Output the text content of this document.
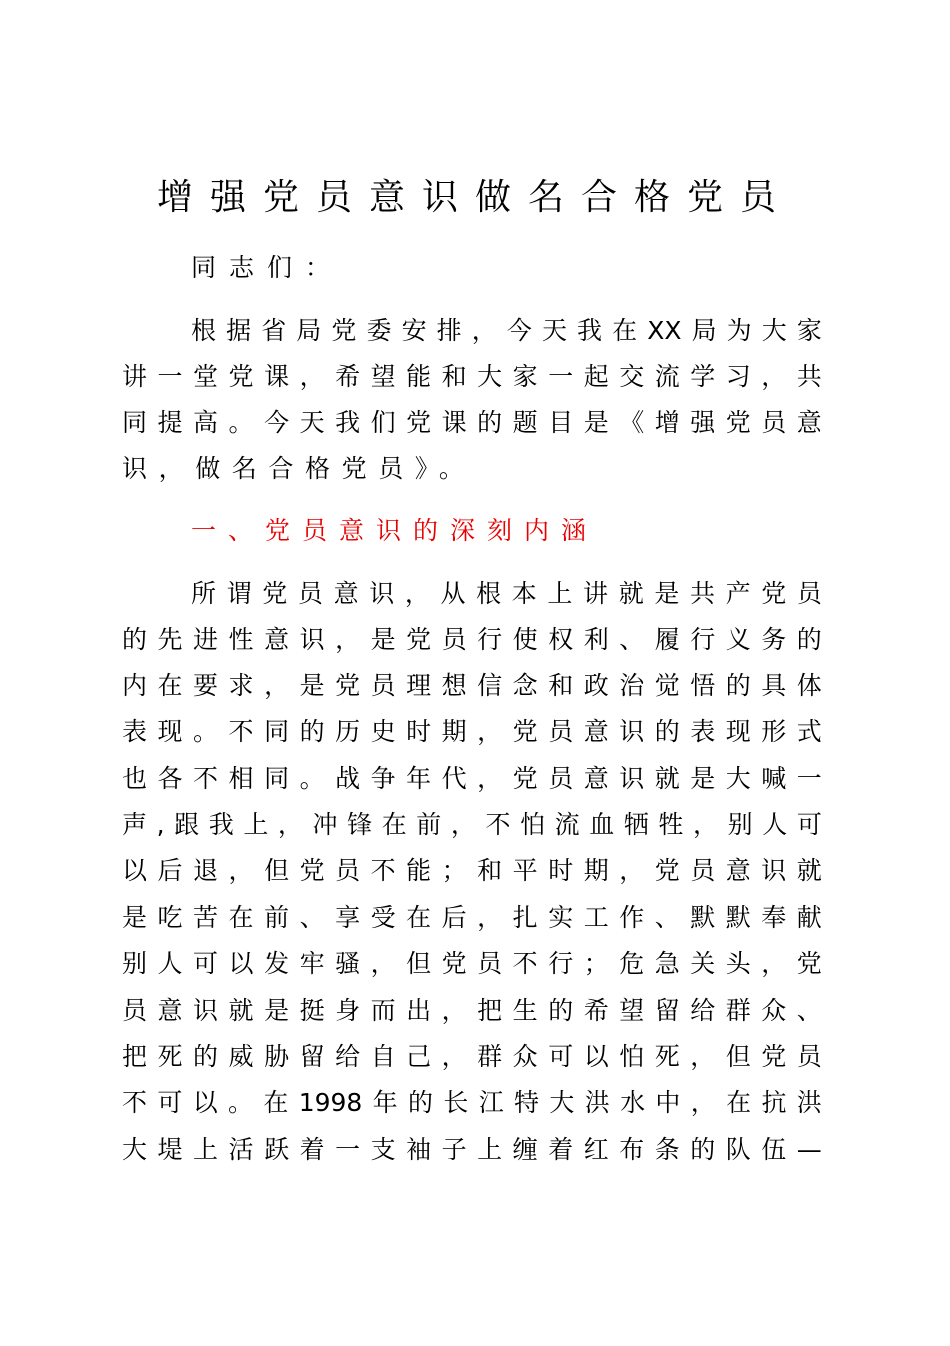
增强党员意识做名合格党员
同志们：
根 据 省 局 党 委 安 排 ， 今 天 我 在 XX 局 为 大 家
讲 一 堂 党 课 ， 希 望 能 和 大 家 一 起 交 流 学 习 ， 共
同 提 高 。 今 天 我 们 党 课 的 题 目 是 《 增 强 党 员 意
识，做名合格党员》。
一、党员意识的深刻内涵
所 谓 党 员 意 识 ， 从 根 本 上 讲 就 是 共 产 党 员
的 先 进 性 意 识 ， 是 党 员 行 使 权 利 、 履 行 义 务 的
内 在 要 求 ， 是 党 员 理 想 信 念 和 政 治 觉 悟 的 具 体
表 现 。 不 同 的 历 史 时 期 ， 党 员 意 识 的 表 现 形 式
也 各 不 相 同 。 战 争 年 代 ， 党 员 意 识 就 是 大 喊 一
声 , 跟 我 上 ， 冲 锋 在 前 ， 不 怕 流 血 牺 牲 ， 别 人 可
以 后 退 ， 但 党 员 不 能 ； 和 平 时 期 ， 党 员 意 识 就
是 吃 苦 在 前 、 享 受 在 后 ， 扎 实 工 作 、 默 默 奉 献
别 人 可 以 发 牢 骚 ， 但 党 员 不 行 ； 危 急 关 头 ， 党
员 意 识 就 是 挺 身 而 出 ， 把 生 的 希 望 留 给 群 众 、
把 死 的 威 胁 留 给 自 己 ， 群 众 可 以 怕 死 ， 但 党 员
不 可 以 。 在 1998 年 的 长 江 特 大 洪 水 中 ， 在 抗 洪
大 堤 上 活 跃 着 一 支 袖 子 上 缠 着 红 布 条 的 队 伍 —
